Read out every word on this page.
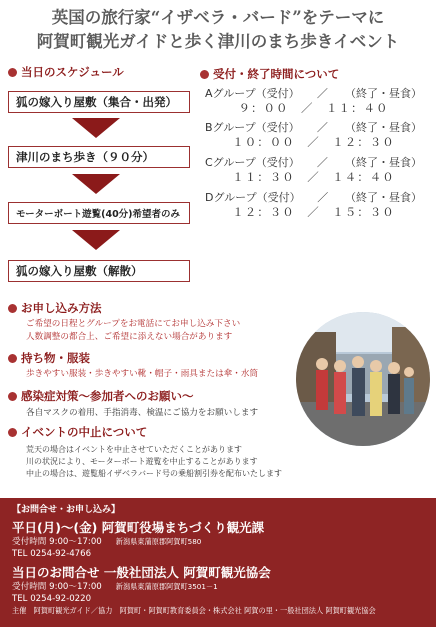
英国の旅行家“イザベラ・バード”をテーマに
阿賀町観光ガイドと歩く津川のまち歩きイベント
当日のスケジュール
狐の嫁入り屋敷（集合・出発）
津川のまち歩き（９０分）
モーターボート遊覧(40分)希望者のみ
狐の嫁入り屋敷（解散）
受付・終了時間について
Aグループ（受付） ／ （終了・昼食）
９：００　／　１１：４０
Bグループ（受付） ／ （終了・昼食）
１０：００　／　１２：３０
Cグループ（受付） ／ （終了・昼食）
１１：３０　／　１４：４０
Dグループ（受付） ／ （終了・昼食）
１２：３０　／　１５：３０
お申し込み方法
ご希望の日程とグループをお電話にてお申し込み下さい
人数調整の都合上、ご希望に添えない場合があります
持ち物・服装
歩きやすい服装・歩きやすい靴・帽子・雨具または傘・水筒
感染症対策～参加者へのお願い～
各自マスクの着用、手指消毒、検温にご協力をお願いします
イベントの中止について
荒天の場合はイベントを中止させていただくことがあります
川の状況により、モーターボート遊覧を中止することがあります
中止の場合は、遊覧船イザベラバード号の乗船割引券を配布いたします
【お問合せ・お申し込み】
平日(月)～(金) 阿賀町役場まちづくり観光課
受付時間 9:00～17:00 新潟県東蒲原郡阿賀町580
TEL 0254-92-4766
当日のお問合せ 一般社団法人 阿賀町観光協会
受付時間 9:00～17:00 新潟県東蒲原郡阿賀町3501－1
TEL 0254-92-0220
主催　阿賀町観光ガイド／協力　阿賀町・阿賀町教育委員会・株式会社 阿賀の里・一般社団法人 阿賀町観光協会
